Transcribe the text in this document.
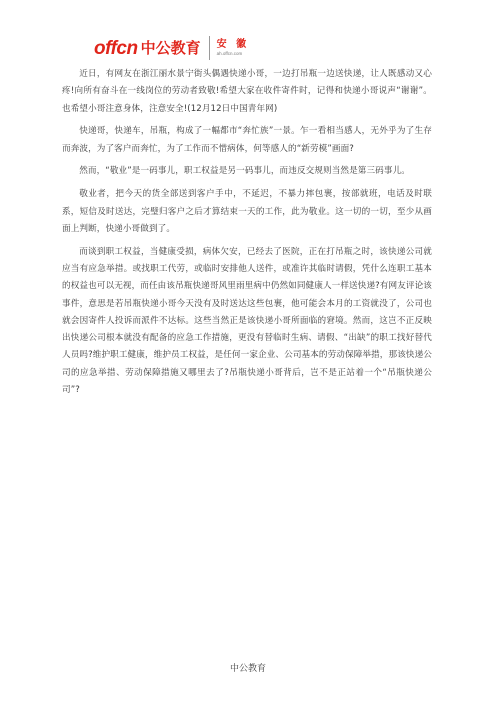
offcn 中公教育 安 徽
ah.offcn.com

近日，有网友在浙江丽水景宁街头偶遇快递小哥，一边打吊瓶一边送快递，让人既感动又心疼!向所有奋斗在一线岗位的劳动者致敬!希望大家在收件寄件时，记得和快递小哥说声“谢谢”。也希望小哥注意身体，注意安全!(12月12日中国青年网)

快递哥，快递车，吊瓶，构成了一幅都市“奔忙族”一景。乍一看相当感人，无外乎为了生存而奔波，为了客户而奔忙，为了工作而不惜病体，何等感人的“新劳模”画面?

然而，“敬业”是一码事儿，职工权益是另一码事儿，而违反交规则当然是第三码事儿。

敬业者，把今天的货全部送到客户手中，不延迟，不暴力摔包裹，按部就班，电话及时联系，短信及时送达，完璧归客户之后才算结束一天的工作，此为敬业。这一切的一切，至少从画面上判断，快递小哥做到了。

而谈到职工权益，当健康受损，病体欠安，已经去了医院，正在打吊瓶之时，该快递公司就应当有应急举措。或找职工代劳，或临时安排他人送件，或准许其临时请假，凭什么连职工基本的权益也可以无视，而任由该吊瓶快递哥风里雨里病中仍然如同健康人一样送快递?有网友评论该事件，意思是若吊瓶快递小哥今天没有及时送达这些包裹，他可能会本月的工资就没了，公司也就会因寄件人投诉而派件不达标。这些当然正是该快递小哥所面临的窘境。然而，这岂不正反映出快递公司根本就没有配备的应急工作措施，更没有替临时生病、请假、“出缺”的职工找好替代人员吗?维护职工健康，维护员工权益，是任何一家企业、公司基本的劳动保障举措，那该快递公司的应急举措、劳动保障措施又哪里去了?吊瓶快递小哥背后，岂不是正站着一个“吊瓶快递公司”?

中公教育
